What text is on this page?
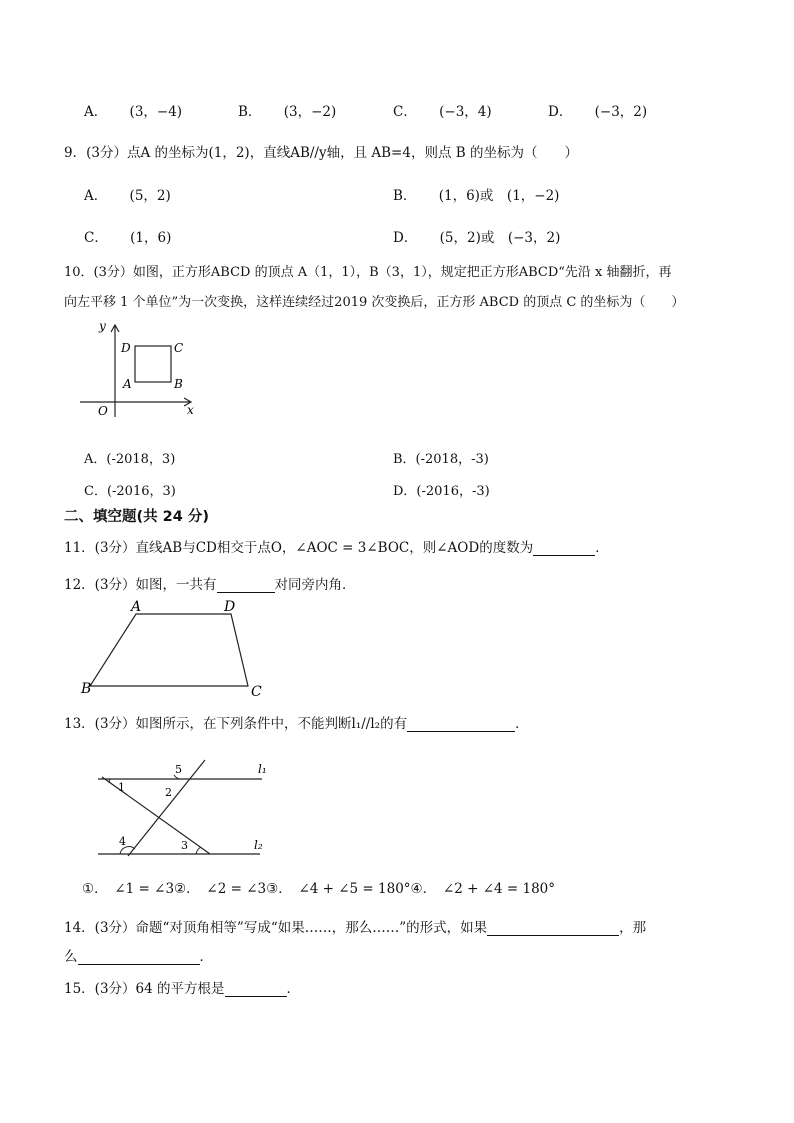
A． (3，−4)	B． (3，−2)	C． (−3，4)	D． (−3，2)
9．(3分）点A 的坐标为(1，2)，直线AB//y轴，且 AB=4，则点 B 的坐标为（　　）
A． (5，2)	B． (1，6)或　(1，−2)
C． (1，6)	D． (5，2)或　(−3，2)
10．(3分）如图，正方形ABCD 的顶点 A（1，1），B（3，1），规定把正方形ABCD“先沿 x 轴翻折，再
向左平移 1 个单位”为一次变换，这样连续经过2019 次变换后，正方形 ABCD 的顶点 C 的坐标为（　　）
y
x
O
D	C
A	B
A．(-2018，3)	B．(-2018，-3)
C．(-2016，3)	D．(-2016，-3)
二、填空题(共 24 分)
11．(3分）直线AB与CD相交于点O，∠AOC = 3∠BOC，则∠AOD的度数为	．
12．(3分）如图，一共有	对同旁内角．
A	D
B	C
13．(3分）如图所示，在下列条件中，不能判断l₁//l₂的有	．
l₁
l₂
1	2
3
4
5
①．　∠1 = ∠3②．　∠2 = ∠3③．　∠4 + ∠5 = 180°④．　∠2 + ∠4 = 180°
14．(3分）命题“对顶角相等”写成“如果……，那么……”的形式，如果	，那
么	．
15．(3分）64 的平方根是	．
